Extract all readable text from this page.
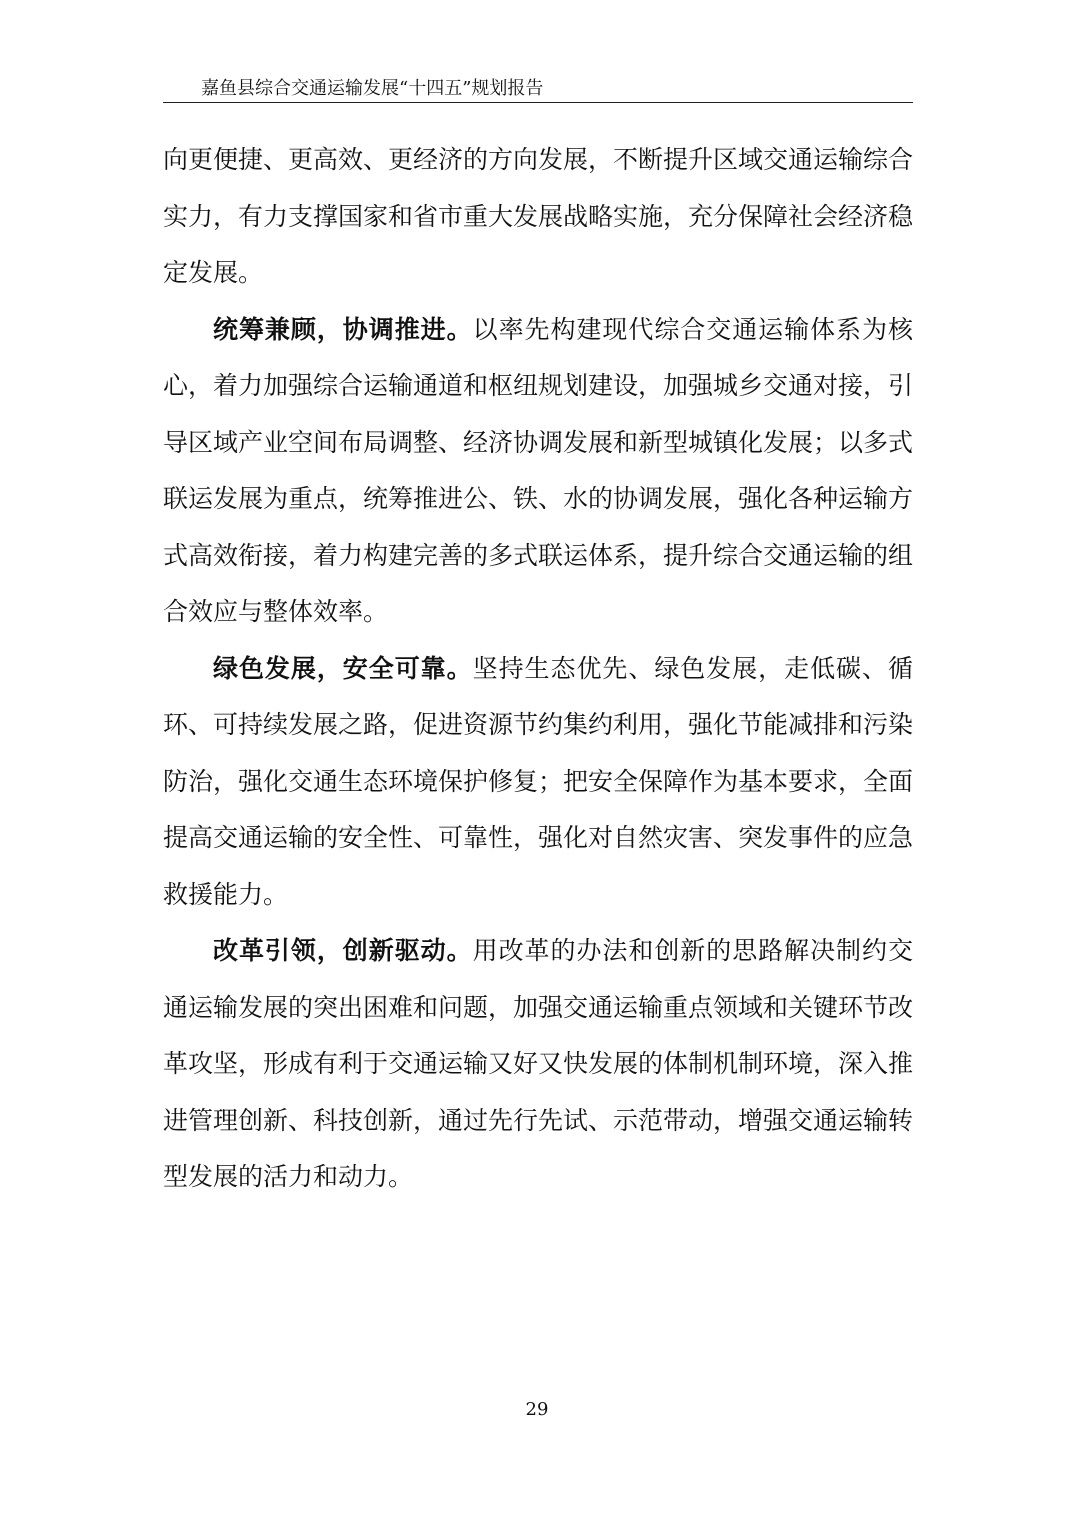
嘉鱼县综合交通运输发展“十四五”规划报告

向更便捷、更高效、更经济的方向发展，不断提升区域交通运输综合实力，有力支撑国家和省市重大发展战略实施，充分保障社会经济稳定发展。

统筹兼顾，协调推进。以率先构建现代综合交通运输体系为核心，着力加强综合运输通道和枢纽规划建设，加强城乡交通对接，引导区域产业空间布局调整、经济协调发展和新型城镇化发展；以多式联运发展为重点，统筹推进公、铁、水的协调发展，强化各种运输方式高效衔接，着力构建完善的多式联运体系，提升综合交通运输的组合效应与整体效率。

绿色发展，安全可靠。坚持生态优先、绿色发展，走低碳、循环、可持续发展之路，促进资源节约集约利用，强化节能减排和污染防治，强化交通生态环境保护修复；把安全保障作为基本要求，全面提高交通运输的安全性、可靠性，强化对自然灾害、突发事件的应急救援能力。

改革引领，创新驱动。用改革的办法和创新的思路解决制约交通运输发展的突出困难和问题，加强交通运输重点领域和关键环节改革攻坚，形成有利于交通运输又好又快发展的体制机制环境，深入推进管理创新、科技创新，通过先行先试、示范带动，增强交通运输转型发展的活力和动力。

29
